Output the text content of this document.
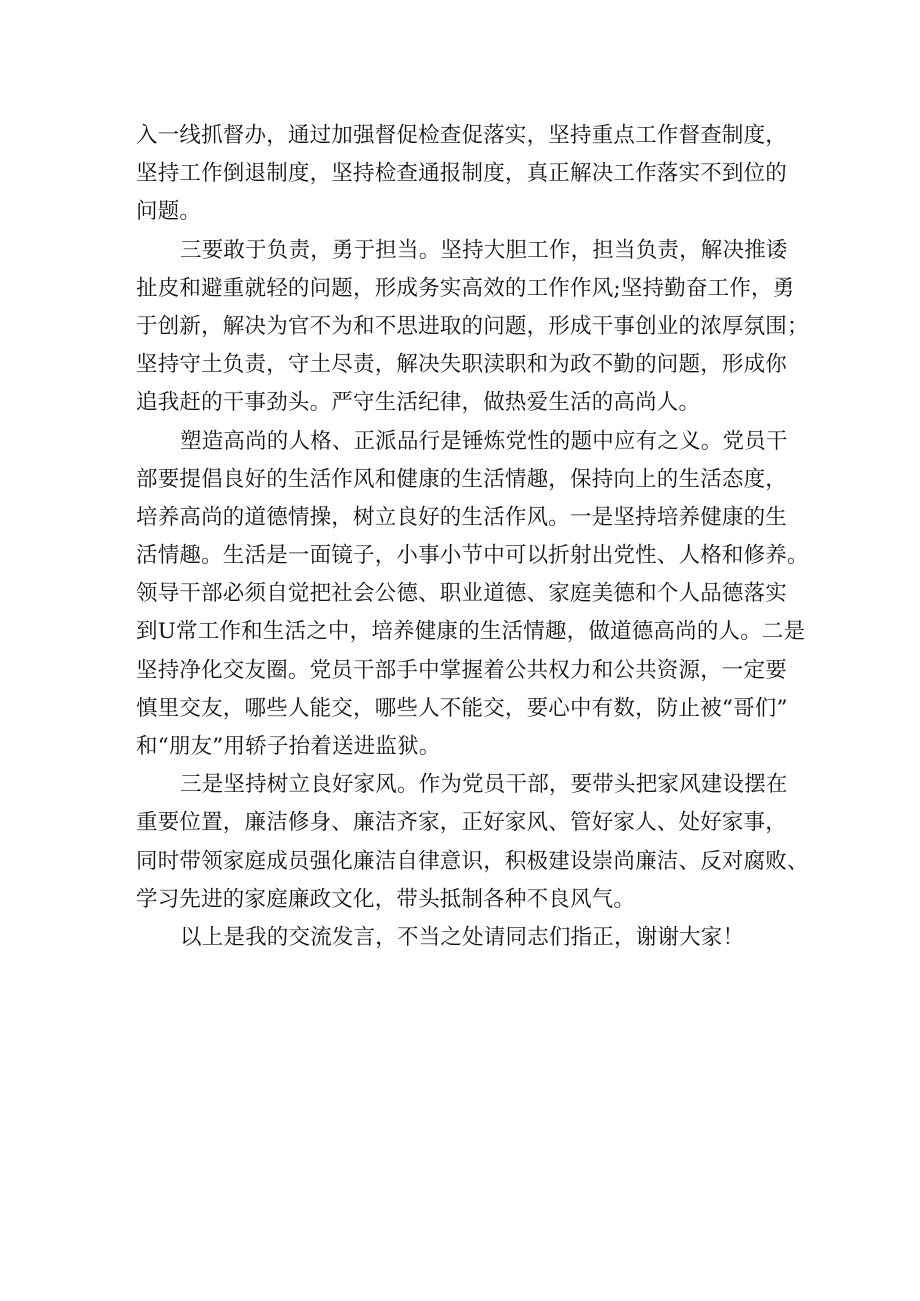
入一线抓督办，通过加强督促检查促落实，坚持重点工作督查制度，
坚持工作倒退制度，坚持检查通报制度，真正解决工作落实不到位的
问题。
三要敢于负责，勇于担当。坚持大胆工作，担当负责，解决推诿
扯皮和避重就轻的问题，形成务实高效的工作作风;坚持勤奋工作，勇
于创新，解决为官不为和不思进取的问题，形成干事创业的浓厚氛围；
坚持守土负责，守土尽责，解决失职渎职和为政不勤的问题，形成你
追我赶的干事劲头。严守生活纪律，做热爱生活的高尚人。
塑造高尚的人格、正派品行是锤炼党性的题中应有之义。党员干
部要提倡良好的生活作风和健康的生活情趣，保持向上的生活态度，
培养高尚的道德情操，树立良好的生活作风。一是坚持培养健康的生
活情趣。生活是一面镜子，小事小节中可以折射出党性、人格和修养。
领导干部必须自觉把社会公德、职业道德、家庭美德和个人品德落实
到U常工作和生活之中，培养健康的生活情趣，做道德高尚的人。二是
坚持净化交友圈。党员干部手中掌握着公共权力和公共资源，一定要
慎里交友，哪些人能交，哪些人不能交，要心中有数，防止被“哥们”
和“朋友”用轿子抬着送进监狱。
三是坚持树立良好家风。作为党员干部，要带头把家风建设摆在
重要位置，廉洁修身、廉洁齐家，正好家风、管好家人、处好家事，
同时带领家庭成员强化廉洁自律意识，积极建设崇尚廉洁、反对腐败、
学习先进的家庭廉政文化，带头抵制各种不良风气。
以上是我的交流发言，不当之处请同志们指正，谢谢大家！
